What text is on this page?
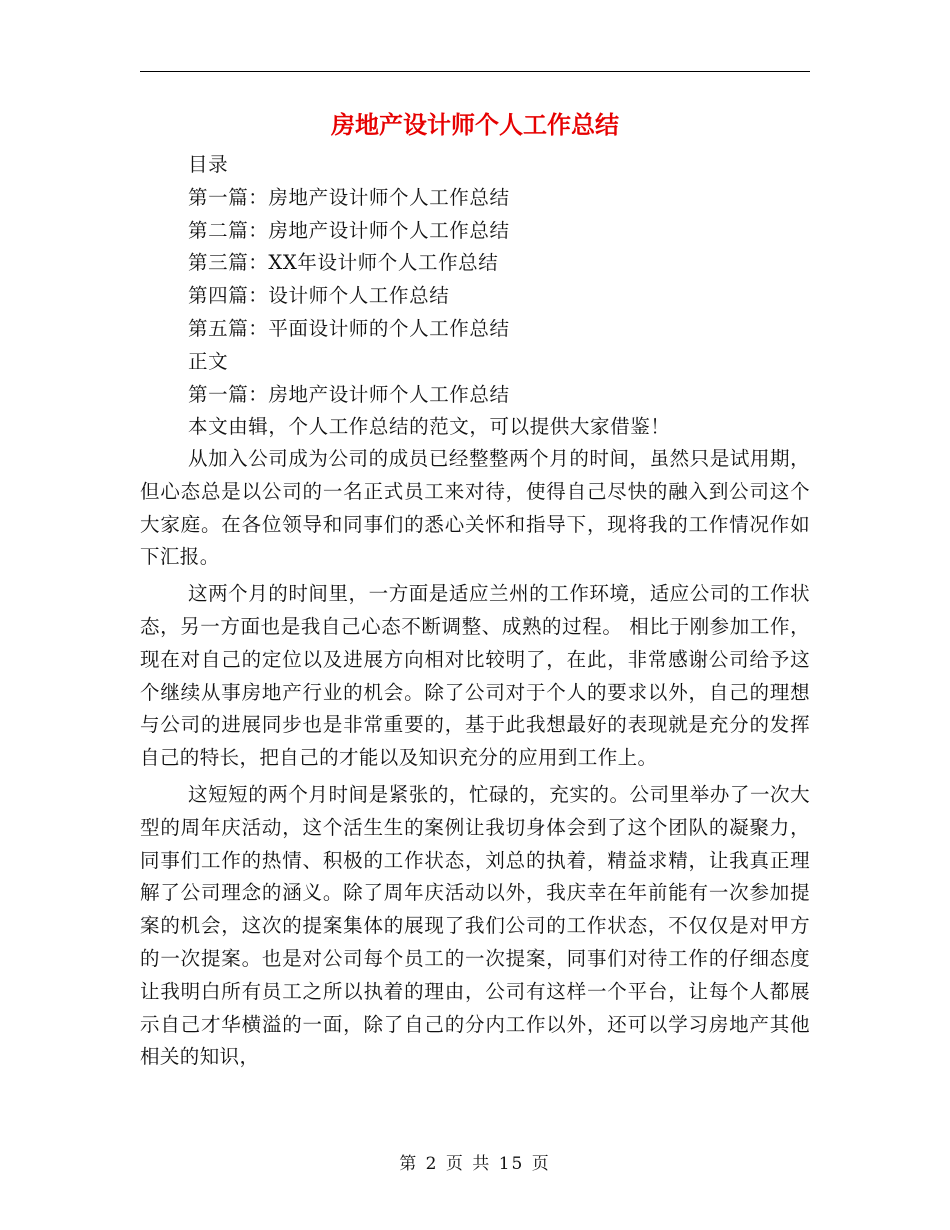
房地产设计师个人工作总结
目录
第一篇：房地产设计师个人工作总结
第二篇：房地产设计师个人工作总结
第三篇：XX年设计师个人工作总结
第四篇：设计师个人工作总结
第五篇：平面设计师的个人工作总结
正文
第一篇：房地产设计师个人工作总结
本文由辑，个人工作总结的范文，可以提供大家借鉴！

从加入公司成为公司的成员已经整整两个月的时间，虽然只是试用期，但心态总是以公司的一名正式员工来对待，使得自己尽快的融入到公司这个大家庭。在各位领导和同事们的悉心关怀和指导下，现将我的工作情况作如下汇报。

这两个月的时间里，一方面是适应兰州的工作环境，适应公司的工作状态，另一方面也是我自己心态不断调整、成熟的过程。 相比于刚参加工作，现在对自己的定位以及进展方向相对比较明了，在此，非常感谢公司给予这个继续从事房地产行业的机会。除了公司对于个人的要求以外，自己的理想与公司的进展同步也是非常重要的，基于此我想最好的表现就是充分的发挥自己的特长，把自己的才能以及知识充分的应用到工作上。

这短短的两个月时间是紧张的，忙碌的，充实的。公司里举办了一次大型的周年庆活动，这个活生生的案例让我切身体会到了这个团队的凝聚力，同事们工作的热情、积极的工作状态，刘总的执着，精益求精，让我真正理解了公司理念的涵义。除了周年庆活动以外，我庆幸在年前能有一次参加提案的机会，这次的提案集体的展现了我们公司的工作状态，不仅仅是对甲方的一次提案。也是对公司每个员工的一次提案，同事们对待工作的仔细态度让我明白所有员工之所以执着的理由，公司有这样一个平台，让每个人都展示自己才华横溢的一面，除了自己的分内工作以外，还可以学习房地产其他相关的知识，

第 2 页 共 15 页
